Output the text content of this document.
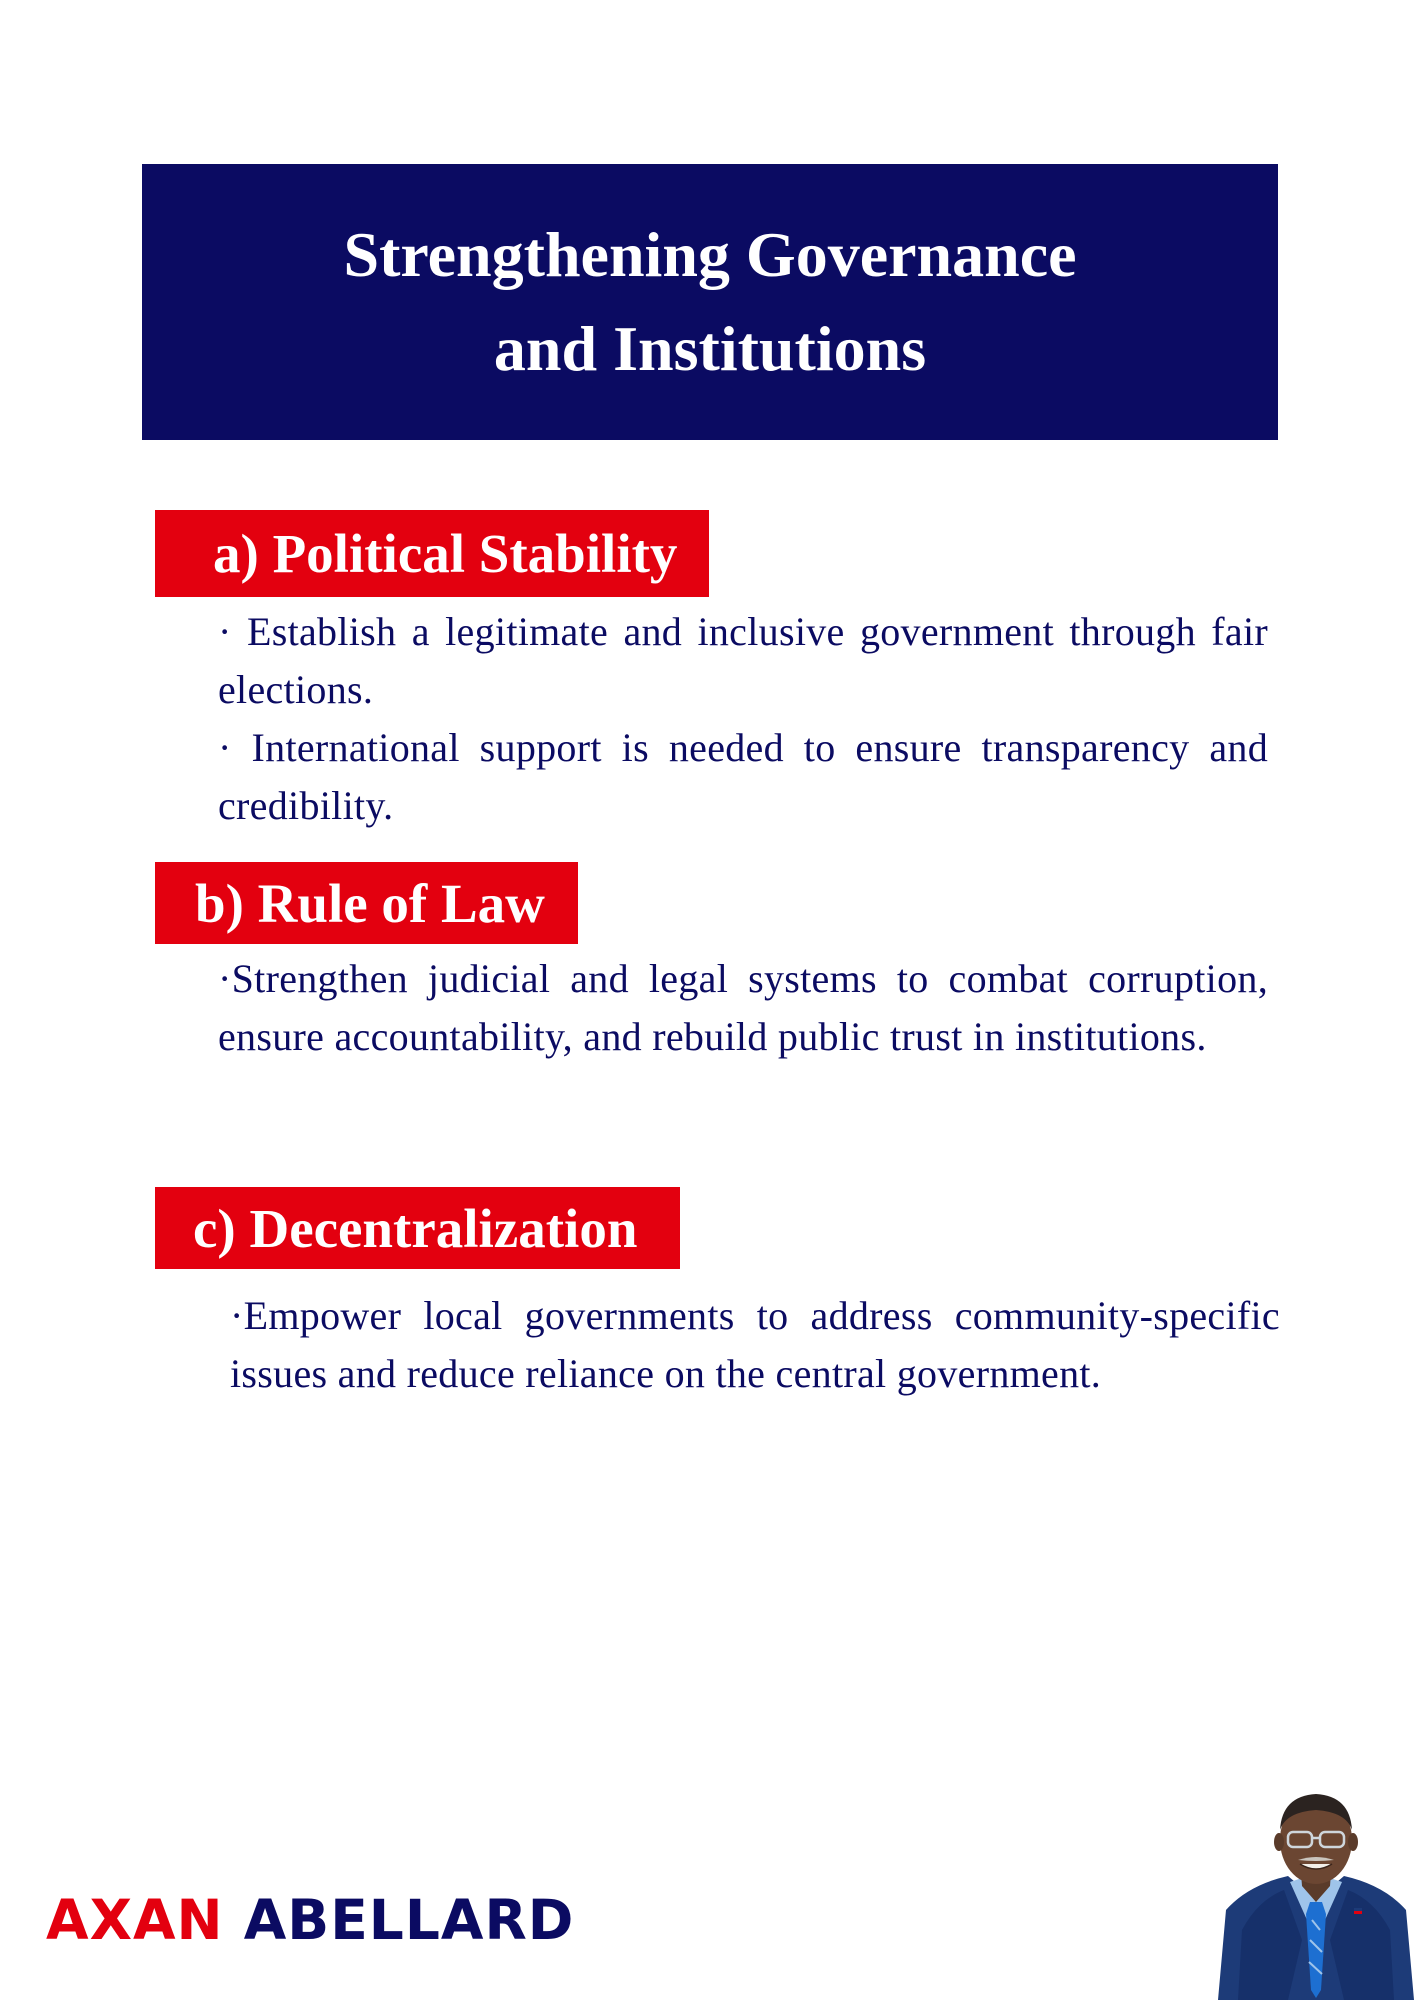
Strengthening Governance
and Institutions
a) Political Stability

· Establish a legitimate and inclusive government through fair elections.

· International support is needed to ensure transparency and credibility.

b) Rule of Law

·Strengthen judicial and legal systems to combat corruption, ensure accountability, and rebuild public trust in institutions.

c) Decentralization

·Empower local governments to address community-specific issues and reduce reliance on the central government.

AXAN ABELLARD
